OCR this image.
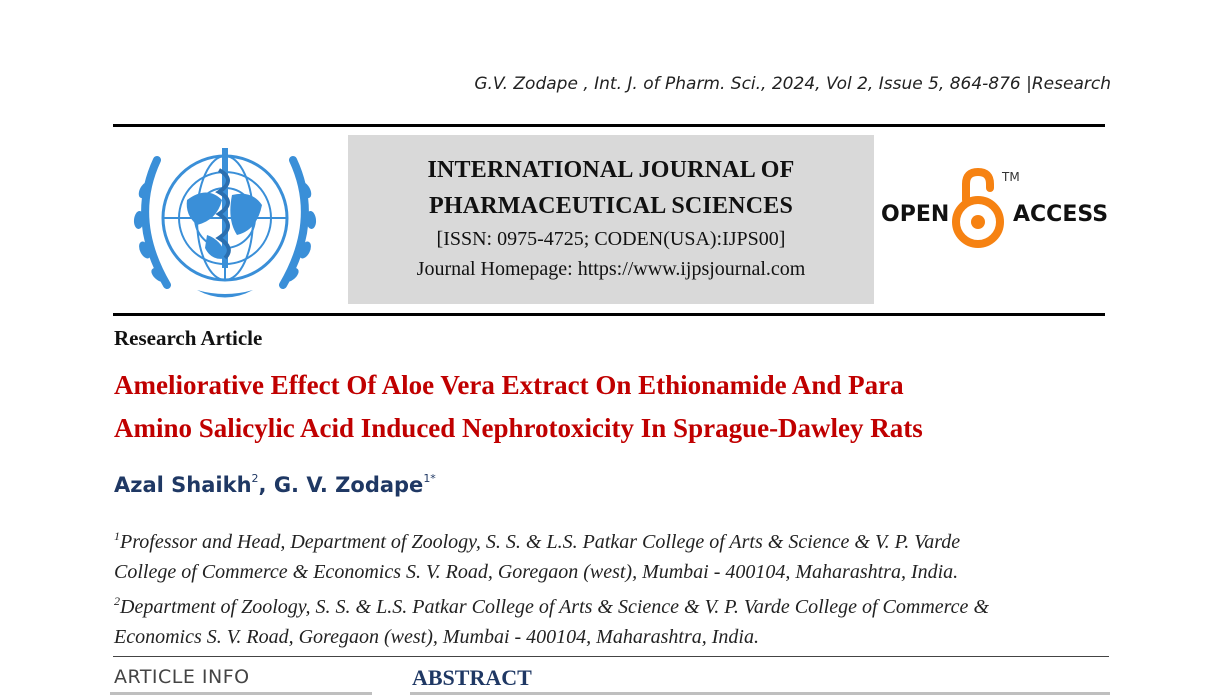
G.V. Zodape , Int. J. of Pharm. Sci., 2024, Vol 2, Issue 5, 864-876 |Research
INTERNATIONAL JOURNAL OF
PHARMACEUTICAL SCIENCES
[ISSN: 0975-4725; CODEN(USA):IJPS00]
Journal Homepage: https://www.ijpsjournal.com
OPEN
TM
ACCESS
Research Article
Ameliorative Effect Of Aloe Vera Extract On Ethionamide And Para
Amino Salicylic Acid Induced Nephrotoxicity In Sprague-Dawley Rats
Azal Shaikh$^2$, G. V. Zodape$^{1*}$
$^1$Professor and Head, Department of Zoology, S. S. & L.S. Patkar College of Arts & Science & V. P. Varde
College of Commerce & Economics S. V. Road, Goregaon (west), Mumbai - 400104, Maharashtra, India.
$^2$Department of Zoology, S. S. & L.S. Patkar College of Arts & Science & V. P. Varde College of Commerce &
Economics S. V. Road, Goregaon (west), Mumbai - 400104, Maharashtra, India.
ARTICLE INFO	ABSTRACT
